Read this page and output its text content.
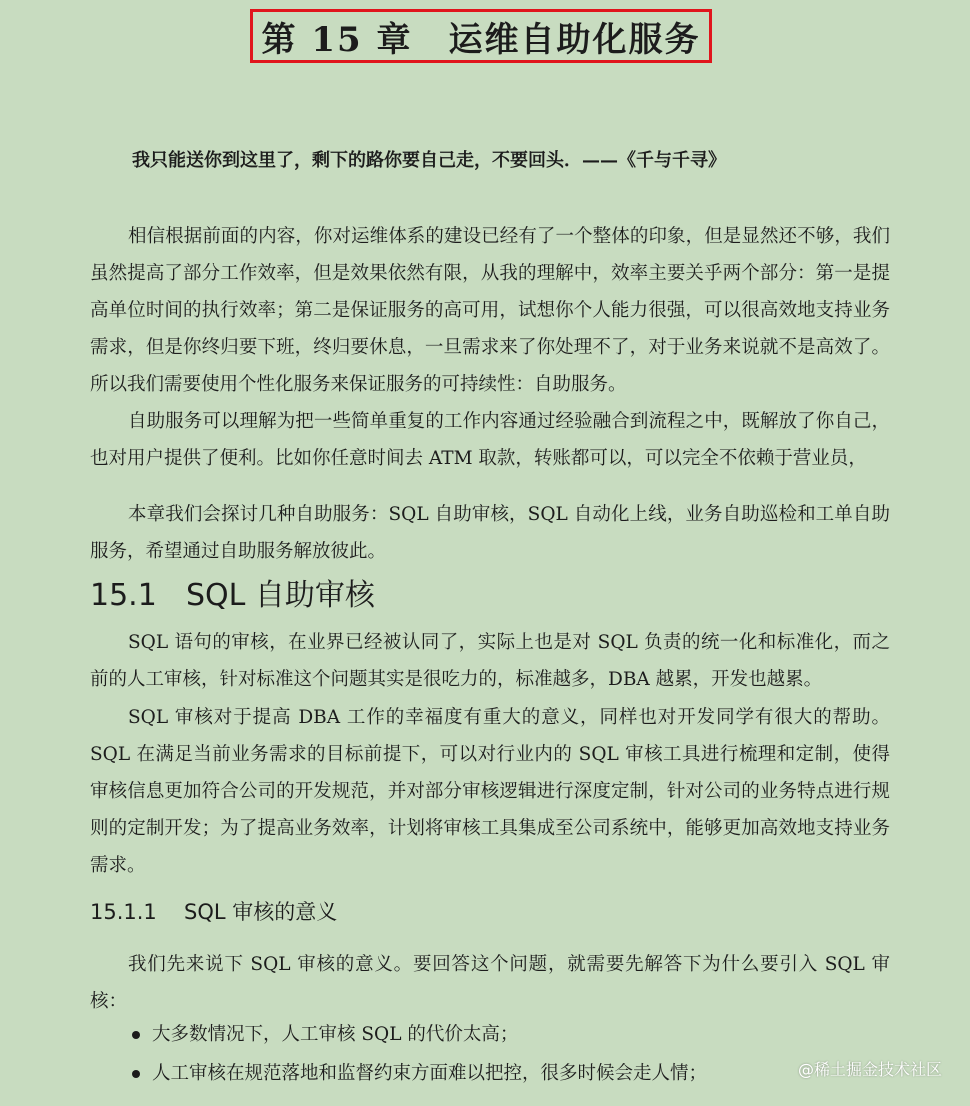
第 15 章 运维自助化服务
我只能送你到这里了，剩下的路你要自己走，不要回头．——《千与千寻》

相信根据前面的内容，你对运维体系的建设已经有了一个整体的印象，但是显然还不够，我们虽然提高了部分工作效率，但是效果依然有限，从我的理解中，效率主要关乎两个部分：第一是提高单位时间的执行效率；第二是保证服务的高可用，试想你个人能力很强，可以很高效地支持业务需求，但是你终归要下班，终归要休息，一旦需求来了你处理不了，对于业务来说就不是高效了。所以我们需要使用个性化服务来保证服务的可持续性：自助服务。

自助服务可以理解为把一些简单重复的工作内容通过经验融合到流程之中，既解放了你自己，也对用户提供了便利。比如你任意时间去 ATM 取款，转账都可以，可以完全不依赖于营业员，

本章我们会探讨几种自助服务：SQL 自助审核，SQL 自动化上线，业务自助巡检和工单自助服务，希望通过自助服务解放彼此。

15.1 SQL 自助审核

SQL 语句的审核，在业界已经被认同了，实际上也是对 SQL 负责的统一化和标准化，而之前的人工审核，针对标准这个问题其实是很吃力的，标准越多，DBA 越累，开发也越累。

SQL 审核对于提高 DBA 工作的幸福度有重大的意义，同样也对开发同学有很大的帮助。SQL 在满足当前业务需求的目标前提下，可以对行业内的 SQL 审核工具进行梳理和定制，使得审核信息更加符合公司的开发规范，并对部分审核逻辑进行深度定制，针对公司的业务特点进行规则的定制开发；为了提高业务效率，计划将审核工具集成至公司系统中，能够更加高效地支持业务需求。

15.1.1 SQL 审核的意义

我们先来说下 SQL 审核的意义。要回答这个问题，就需要先解答下为什么要引入 SQL 审核：

大多数情况下，人工审核 SQL 的代价太高；
人工审核在规范落地和监督约束方面难以把控，很多时候会走人情；	@稀土掘金技术社区
